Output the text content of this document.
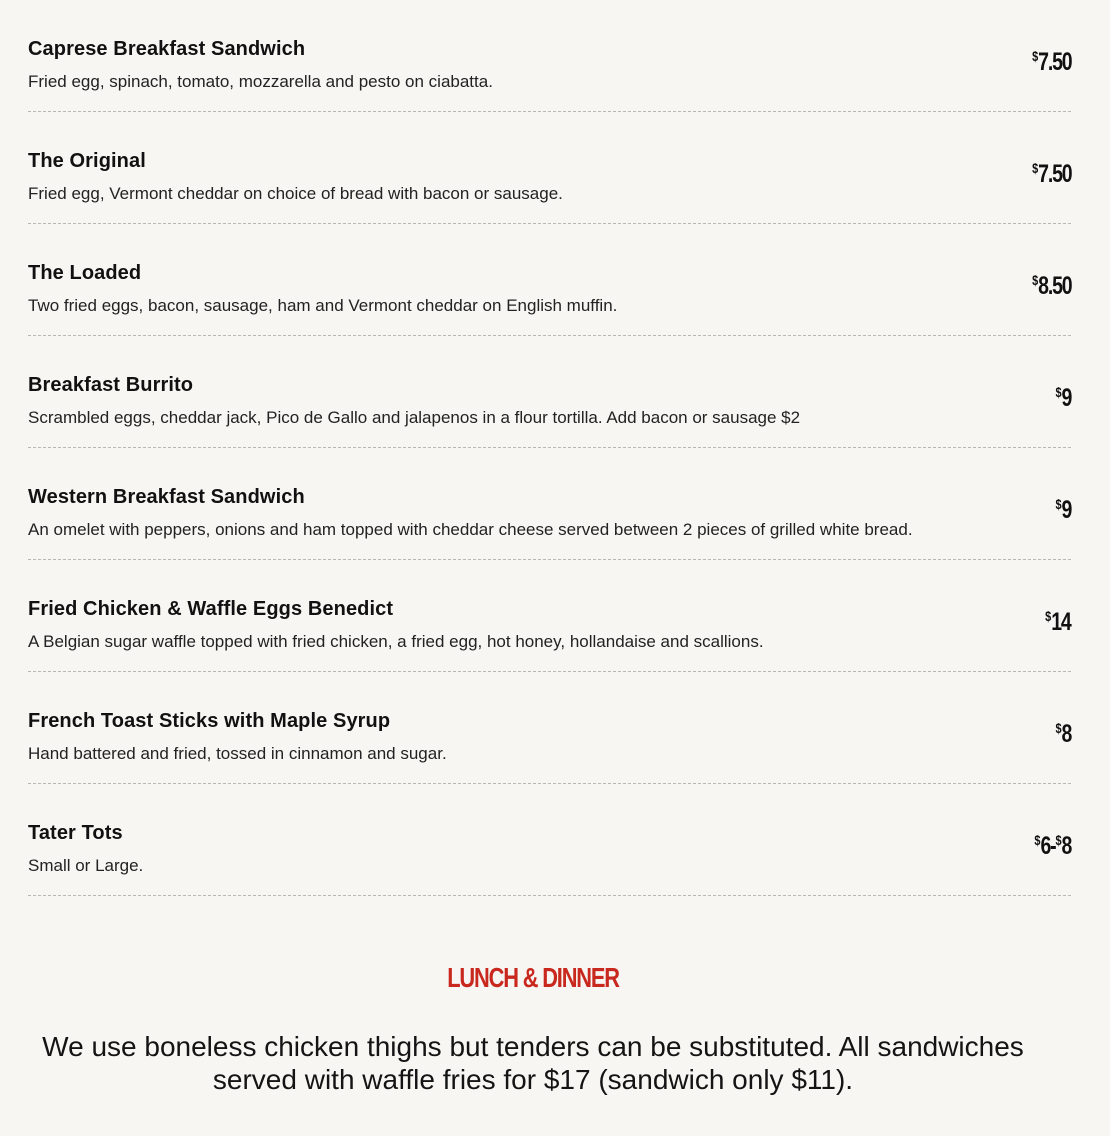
Caprese Breakfast Sandwich
Fried egg, spinach, tomato, mozzarella and pesto on ciabatta.
$7.50
The Original
Fried egg, Vermont cheddar on choice of bread with bacon or sausage.
$7.50
The Loaded
Two fried eggs, bacon, sausage, ham and Vermont cheddar on English muffin.
$8.50
Breakfast Burrito
Scrambled eggs, cheddar jack, Pico de Gallo and jalapenos in a flour tortilla. Add bacon or sausage $2
$9
Western Breakfast Sandwich
An omelet with peppers, onions and ham topped with cheddar cheese served between 2 pieces of grilled white bread.
$9
Fried Chicken & Waffle Eggs Benedict
A Belgian sugar waffle topped with fried chicken, a fried egg, hot honey, hollandaise and scallions.
$14
French Toast Sticks with Maple Syrup
Hand battered and fried, tossed in cinnamon and sugar.
$8
Tater Tots
Small or Large.
$6-$8
LUNCH & DINNER
We use boneless chicken thighs but tenders can be substituted. All sandwiches served with waffle fries for $17 (sandwich only $11).
